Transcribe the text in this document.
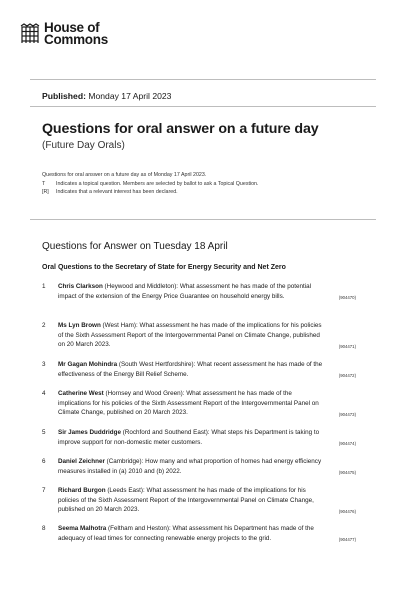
House of
Commons
Published: Monday 17 April 2023
Questions for oral answer on a future day
(Future Day Orals)
Questions for oral answer on a future day as of Monday 17 April 2023.
T	Indicates a topical question. Members are selected by ballot to ask a Topical Question.
[R]	Indicates that a relevant interest has been declared.
Questions for Answer on Tuesday 18 April
Oral Questions to the Secretary of State for Energy Security and Net Zero
1	Chris Clarkson (Heywood and Middleton): What assessment he has made of the potential impact of the extension of the Energy Price Guarantee on household energy bills.	(904470)
2	Ms Lyn Brown (West Ham): What assessment he has made of the implications for his policies of the Sixth Assessment Report of the Intergovernmental Panel on Climate Change, published on 20 March 2023.	(904471)
3	Mr Gagan Mohindra (South West Hertfordshire): What recent assessment he has made of the effectiveness of the Energy Bill Relief Scheme.	(904472)
4	Catherine West (Hornsey and Wood Green): What assessment he has made of the implications for his policies of the Sixth Assessment Report of the Intergovernmental Panel on Climate Change, published on 20 March 2023.	(904473)
5	Sir James Duddridge (Rochford and Southend East): What steps his Department is taking to improve support for non-domestic meter customers.	(904474)
6	Daniel Zeichner (Cambridge): How many and what proportion of homes had energy efficiency measures installed in (a) 2010 and (b) 2022.	(904475)
7	Richard Burgon (Leeds East): What assessment he has made of the implications for his policies of the Sixth Assessment Report of the Intergovernmental Panel on Climate Change, published on 20 March 2023.	(904476)
8	Seema Malhotra (Feltham and Heston): What assessment his Department has made of the adequacy of lead times for connecting renewable energy projects to the grid.	(904477)
